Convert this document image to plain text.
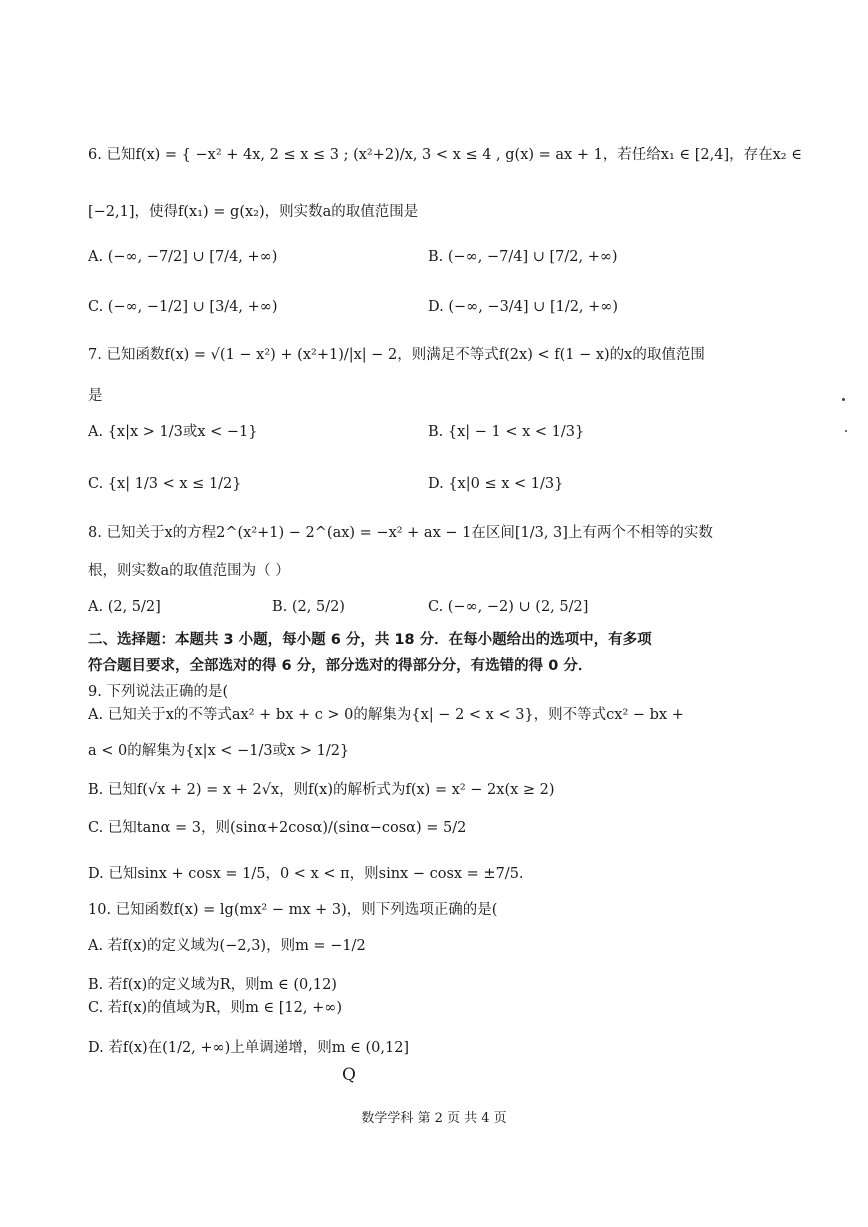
6. 已知f(x) = { −x² + 4x, 2 ≤ x ≤ 3 ; (x²+2)/x, 3 < x ≤ 4 , g(x) = ax + 1，若任给x₁ ∈ [2,4]，存在x₂ ∈
[−2,1]，使得f(x₁) = g(x₂)，则实数a的取值范围是
A. (−∞, −7/2] ∪ [7/4, +∞)	B. (−∞, −7/4] ∪ [7/2, +∞)
C. (−∞, −1/2] ∪ [3/4, +∞)	D. (−∞, −3/4] ∪ [1/2, +∞)
7. 已知函数f(x) = √(1 − x²) + (x²+1)/|x| − 2，则满足不等式f(2x) < f(1 − x)的x的取值范围
是
A. {x|x > 1/3或x < −1}	B. {x| − 1 < x < 1/3}
C. {x| 1/3 < x ≤ 1/2}	D. {x|0 ≤ x < 1/3}
8. 已知关于x的方程2^(x²+1) − 2^(ax) = −x² + ax − 1在区间[1/3, 3]上有两个不相等的实数
根，则实数a的取值范围为（ ）
A. (2, 5/2]	B. (2, 5/2)	C. (−∞, −2) ∪ (2, 5/2]
二、选择题：本题共 3 小题，每小题 6 分，共 18 分．在每小题给出的选项中，有多项
符合题目要求，全部选对的得 6 分，部分选对的得部分分，有选错的得 0 分．
9. 下列说法正确的是(
A. 已知关于x的不等式ax² + bx + c > 0的解集为{x| − 2 < x < 3}，则不等式cx² − bx +
a < 0的解集为{x|x < −1/3或x > 1/2}
B. 已知f(√x + 2) = x + 2√x，则f(x)的解析式为f(x) = x² − 2x(x ≥ 2)
C. 已知tanα = 3，则(sinα+2cosα)/(sinα−cosα) = 5/2
D. 已知sinx + cosx = 1/5，0 < x < π，则sinx − cosx = ±7/5.
10. 已知函数f(x) = lg(mx² − mx + 3)，则下列选项正确的是(
A. 若f(x)的定义域为(−2,3)，则m = −1/2
B. 若f(x)的定义域为R，则m ∈ (0,12)
C. 若f(x)的值域为R，则m ∈ [12, +∞)
D. 若f(x)在(1/2, +∞)上单调递增，则m ∈ (0,12]
Q
数学学科 第 2 页 共 4 页
